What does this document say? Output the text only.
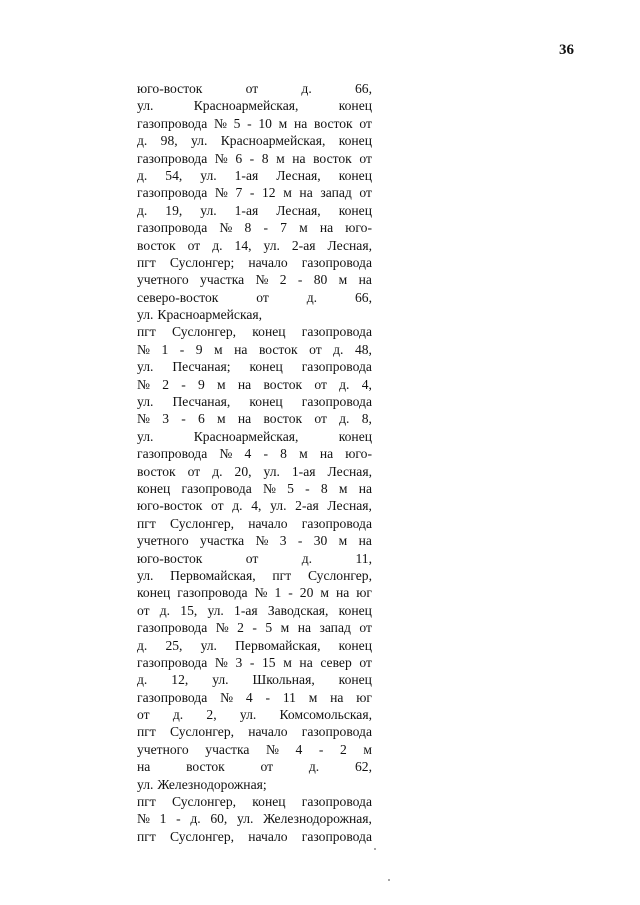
36
юго-восток	от	д.	66,
ул.	Красноармейская,	конец
газопровода № 5 - 10 м на восток от
д. 98, ул. Красноармейская, конец
газопровода № 6 - 8 м на восток от
д. 54, ул. 1-ая Лесная, конец
газопровода № 7 - 12 м на запад от
д. 19, ул. 1-ая Лесная, конец
газопровода № 8 - 7 м на юго-
восток от д. 14, ул. 2-ая Лесная,
пгт Суслонгер; начало газопровода
учетного участка № 2 - 80 м на
северо-восток	от	д.	66,
ул. Красноармейская,
пгт Суслонгер, конец газопровода
№ 1 - 9 м на восток от д. 48,
ул. Песчаная; конец газопровода
№ 2 - 9 м на восток от д. 4,
ул. Песчаная, конец газопровода
№ 3 - 6 м на восток от д. 8,
ул.	Красноармейская,	конец
газопровода № 4 - 8 м на юго-
восток от д. 20, ул. 1-ая Лесная,
конец газопровода № 5 - 8 м на
юго-восток от д. 4, ул. 2-ая Лесная,
пгт Суслонгер, начало газопровода
учетного участка № 3 - 30 м на
юго-восток	от	д.	11,
ул. Первомайская, пгт Суслонгер,
конец газопровода № 1 - 20 м на юг
от д. 15, ул. 1-ая Заводская, конец
газопровода № 2 - 5 м на запад от
д. 25, ул. Первомайская, конец
газопровода № 3 - 15 м на север от
д. 12, ул. Школьная, конец
газопровода № 4 - 11 м на юг
от д. 2, ул. Комсомольская,
пгт Суслонгер, начало газопровода
учетного участка № 4 - 2 м
на	восток	от	д.	62,
ул. Железнодорожная;
пгт Суслонгер, конец газопровода
№ 1 - д. 60, ул. Железнодорожная,
пгт Суслонгер, начало газопровода
